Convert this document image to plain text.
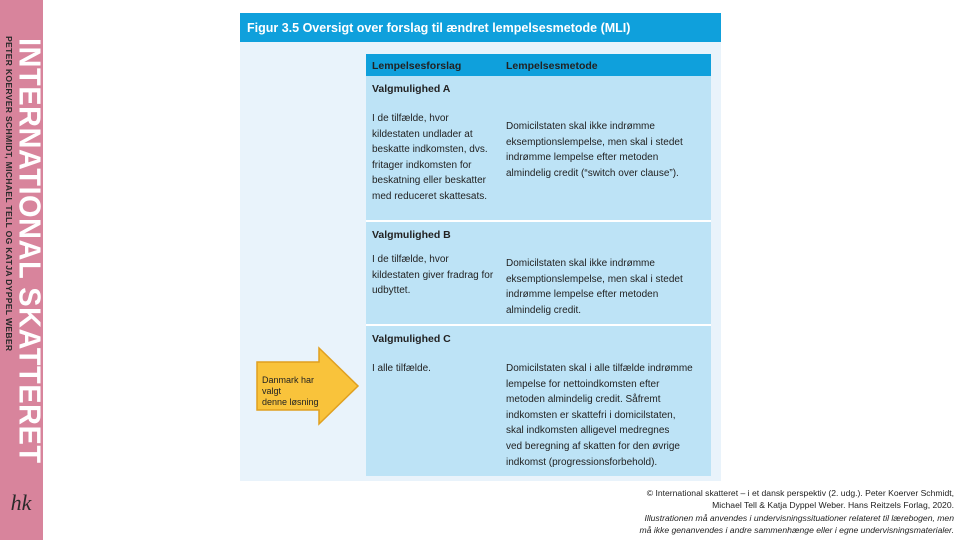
INTERNATIONAL SKATTERET
PETER KOERVER SCHMIDT, MICHAEL TELL OG KATJA DYPPEL WEBER
hk
Figur 3.5 Oversigt over forslag til ændret lempelsesmetode (MLI)
Lempelsesforslag	Lempelsesmetode
Valgmulighed A
I de tilfælde, hvor
kildestaten undlader at
beskatte indkomsten, dvs.
fritager indkomsten for
beskatning eller beskatter
med reduceret skattesats.
Domicilstaten skal ikke indrømme
eksemptionslempelse, men skal i stedet
indrømme lempelse efter metoden
almindelig credit (“switch over clause”).
Valgmulighed B
I de tilfælde, hvor
kildestaten giver fradrag for
udbyttet.
Domicilstaten skal ikke indrømme
eksemptionslempelse, men skal i stedet
indrømme lempelse efter metoden
almindelig credit.
Valgmulighed C
I alle tilfælde.	Domicilstaten skal i alle tilfælde indrømme
lempelse for nettoindkomsten efter
metoden almindelig credit. Såfremt
indkomsten er skattefri i domicilstaten,
skal indkomsten alligevel medregnes
ved beregning af skatten for den øvrige
indkomst (progressionsforbehold).
Danmark har valgt
denne løsning
© International skatteret – i et dansk perspektiv (2. udg.). Peter Koerver Schmidt,
Michael Tell & Katja Dyppel Weber. Hans Reitzels Forlag, 2020.
Illustrationen må anvendes i undervisningssituationer relateret til lærebogen, men
må ikke genanvendes i andre sammenhænge eller i egne undervisningsmaterialer.
